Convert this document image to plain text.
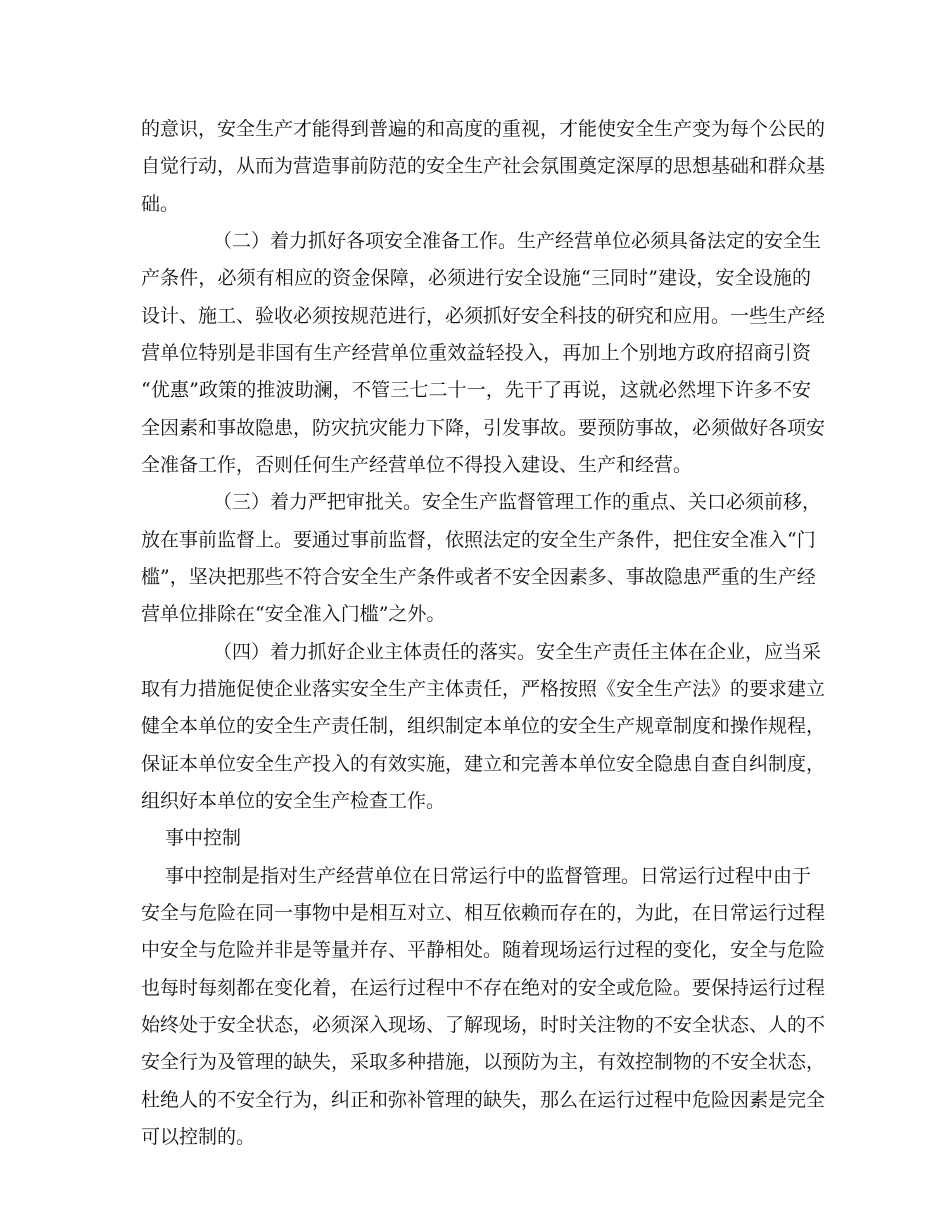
的意识，安全生产才能得到普遍的和高度的重视，才能使安全生产变为每个公民的
自觉行动，从而为营造事前防范的安全生产社会氛围奠定深厚的思想基础和群众基
础。
（二）着力抓好各项安全准备工作。生产经营单位必须具备法定的安全生
产条件，必须有相应的资金保障，必须进行安全设施“三同时”建设，安全设施的
设计、施工、验收必须按规范进行，必须抓好安全科技的研究和应用。一些生产经
营单位特别是非国有生产经营单位重效益轻投入，再加上个别地方政府招商引资
“优惠”政策的推波助澜，不管三七二十一，先干了再说，这就必然埋下许多不安
全因素和事故隐患，防灾抗灾能力下降，引发事故。要预防事故，必须做好各项安
全准备工作，否则任何生产经营单位不得投入建设、生产和经营。
（三）着力严把审批关。安全生产监督管理工作的重点、关口必须前移，
放在事前监督上。要通过事前监督，依照法定的安全生产条件，把住安全准入“门
槛”，坚决把那些不符合安全生产条件或者不安全因素多、事故隐患严重的生产经
营单位排除在“安全准入门槛”之外。
（四）着力抓好企业主体责任的落实。安全生产责任主体在企业，应当采
取有力措施促使企业落实安全生产主体责任，严格按照《安全生产法》的要求建立
健全本单位的安全生产责任制，组织制定本单位的安全生产规章制度和操作规程，
保证本单位安全生产投入的有效实施，建立和完善本单位安全隐患自查自纠制度，
组织好本单位的安全生产检查工作。
事中控制
事中控制是指对生产经营单位在日常运行中的监督管理。日常运行过程中由于
安全与危险在同一事物中是相互对立、相互依赖而存在的，为此，在日常运行过程
中安全与危险并非是等量并存、平静相处。随着现场运行过程的变化，安全与危险
也每时每刻都在变化着，在运行过程中不存在绝对的安全或危险。要保持运行过程
始终处于安全状态，必须深入现场、了解现场，时时关注物的不安全状态、人的不
安全行为及管理的缺失，采取多种措施，以预防为主，有效控制物的不安全状态，
杜绝人的不安全行为，纠正和弥补管理的缺失，那么在运行过程中危险因素是完全
可以控制的。
